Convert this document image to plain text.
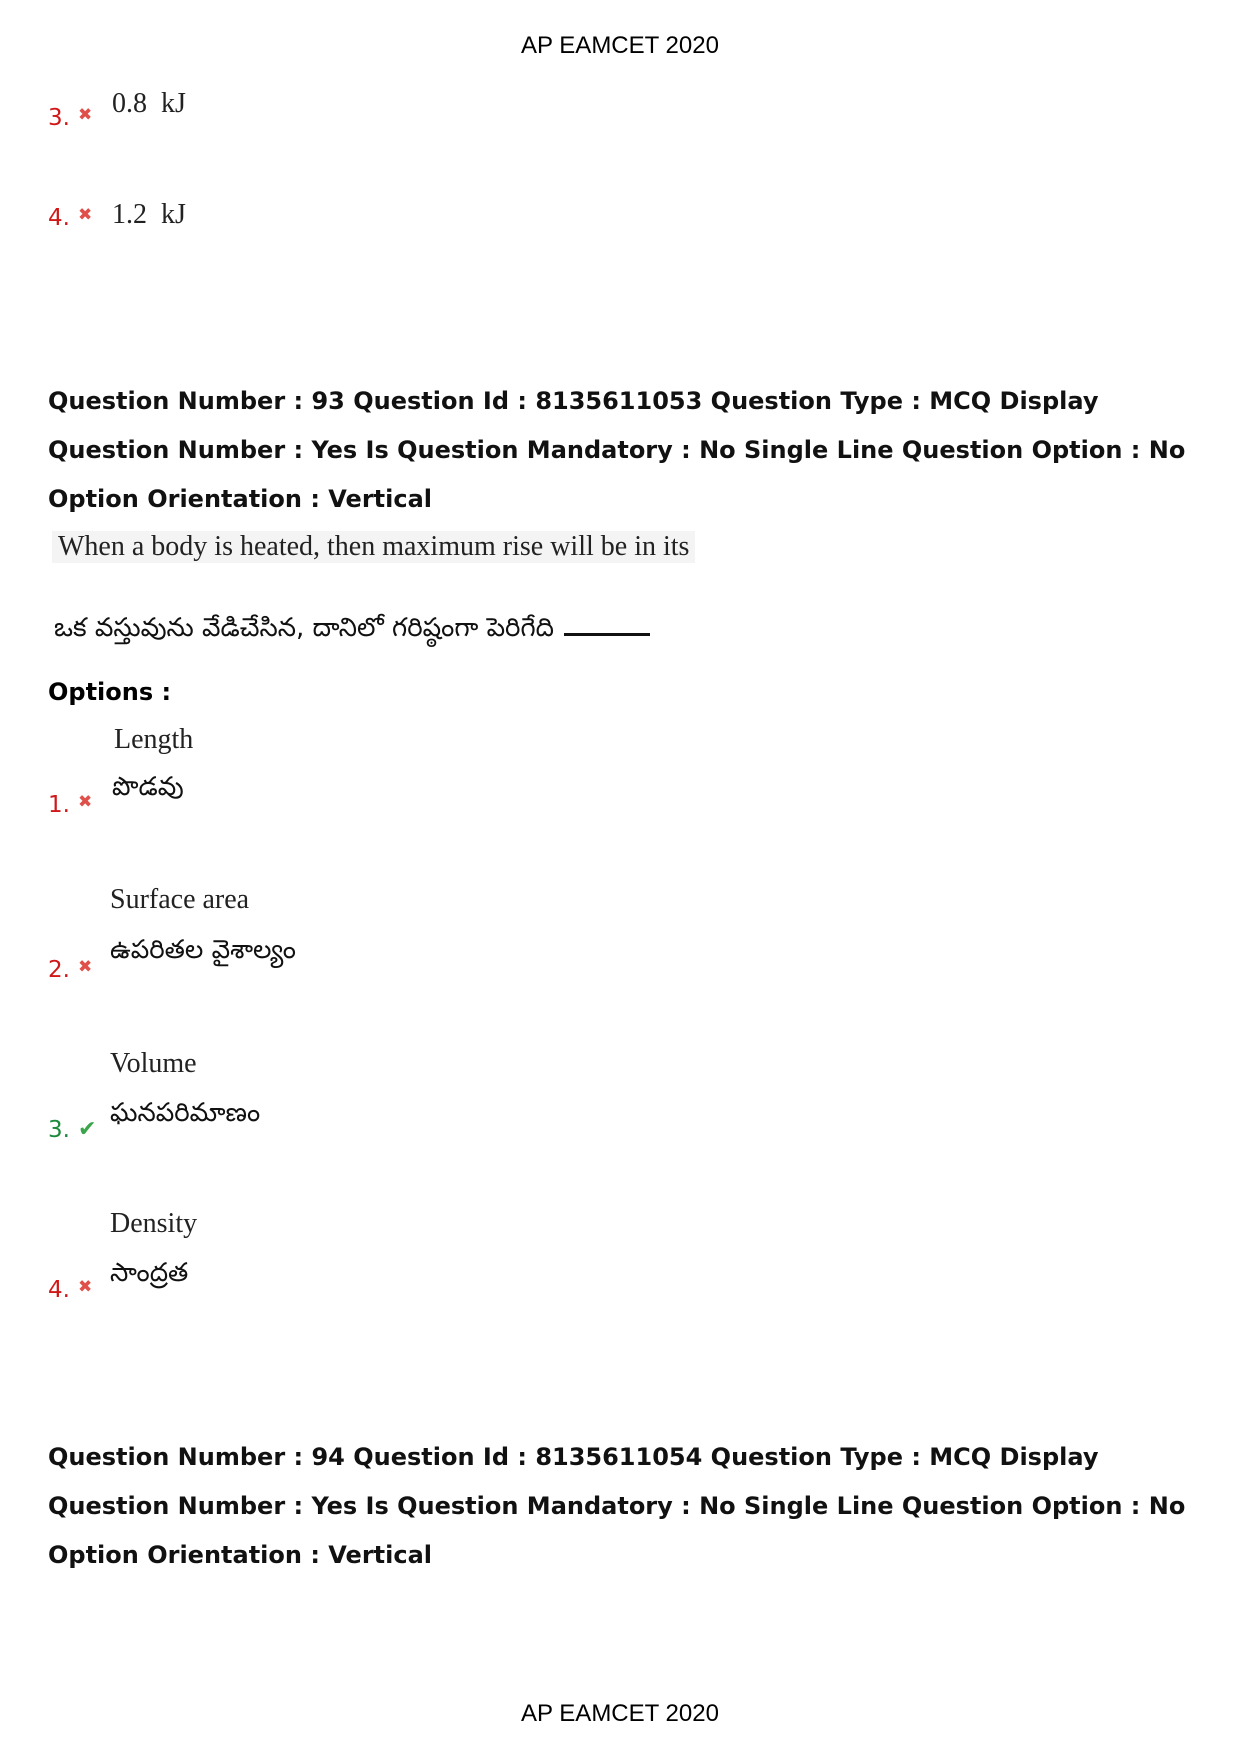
AP EAMCET 2020
3. ✖ 0.8  kJ
4. ✖ 1.2  kJ
Question Number : 93 Question Id : 8135611053 Question Type : MCQ Display Question Number : Yes Is Question Mandatory : No Single Line Question Option : No Option Orientation : Vertical
When a body is heated, then maximum rise will be in its
ఒక వస్తువును వేడిచేసిన, దానిలో గరిష్ఠంగా పెరిగేది
Options :
Length
పొడవు
1. ✖
Surface area
ఉపరితల వైశాల్యం
2. ✖
Volume
ఘనపరిమాణం
3. ✔
Density
సాంద్రత
4. ✖
Question Number : 94 Question Id : 8135611054 Question Type : MCQ Display Question Number : Yes Is Question Mandatory : No Single Line Question Option : No Option Orientation : Vertical
AP EAMCET 2020
